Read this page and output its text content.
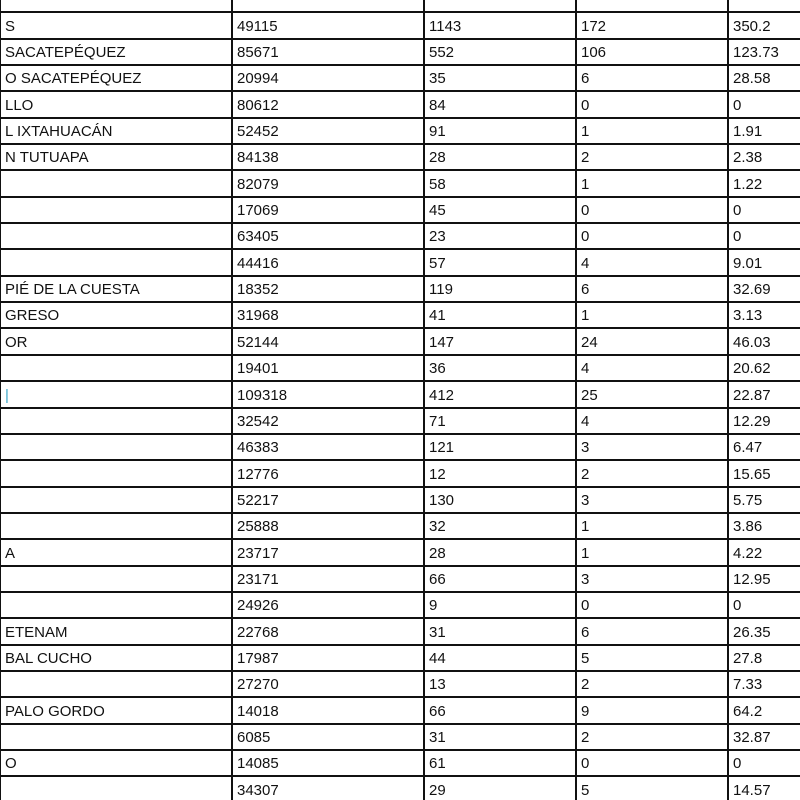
S	49115	1143	172	350.2
SACATEPÉQUEZ	85671	552	106	123.73
O SACATEPÉQUEZ	20994	35	6	28.58
LLO	80612	84	0	0
L IXTAHUACÁN	52452	91	1	1.91
N TUTUAPA	84138	28	2	2.38
	82079	58	1	1.22
	17069	45	0	0
	63405	23	0	0
	44416	57	4	9.01
PIÉ DE LA CUESTA	18352	119	6	32.69
GRESO	31968	41	1	3.13
OR	52144	147	24	46.03
	19401	36	4	20.62
|	109318	412	25	22.87
	32542	71	4	12.29
	46383	121	3	6.47
	12776	12	2	15.65
	52217	130	3	5.75
	25888	32	1	3.86
A	23717	28	1	4.22
	23171	66	3	12.95
	24926	9	0	0
ETENAM	22768	31	6	26.35
BAL CUCHO	17987	44	5	27.8
	27270	13	2	7.33
PALO GORDO	14018	66	9	64.2
	6085	31	2	32.87
O	14085	61	0	0
	34307	29	5	14.57
